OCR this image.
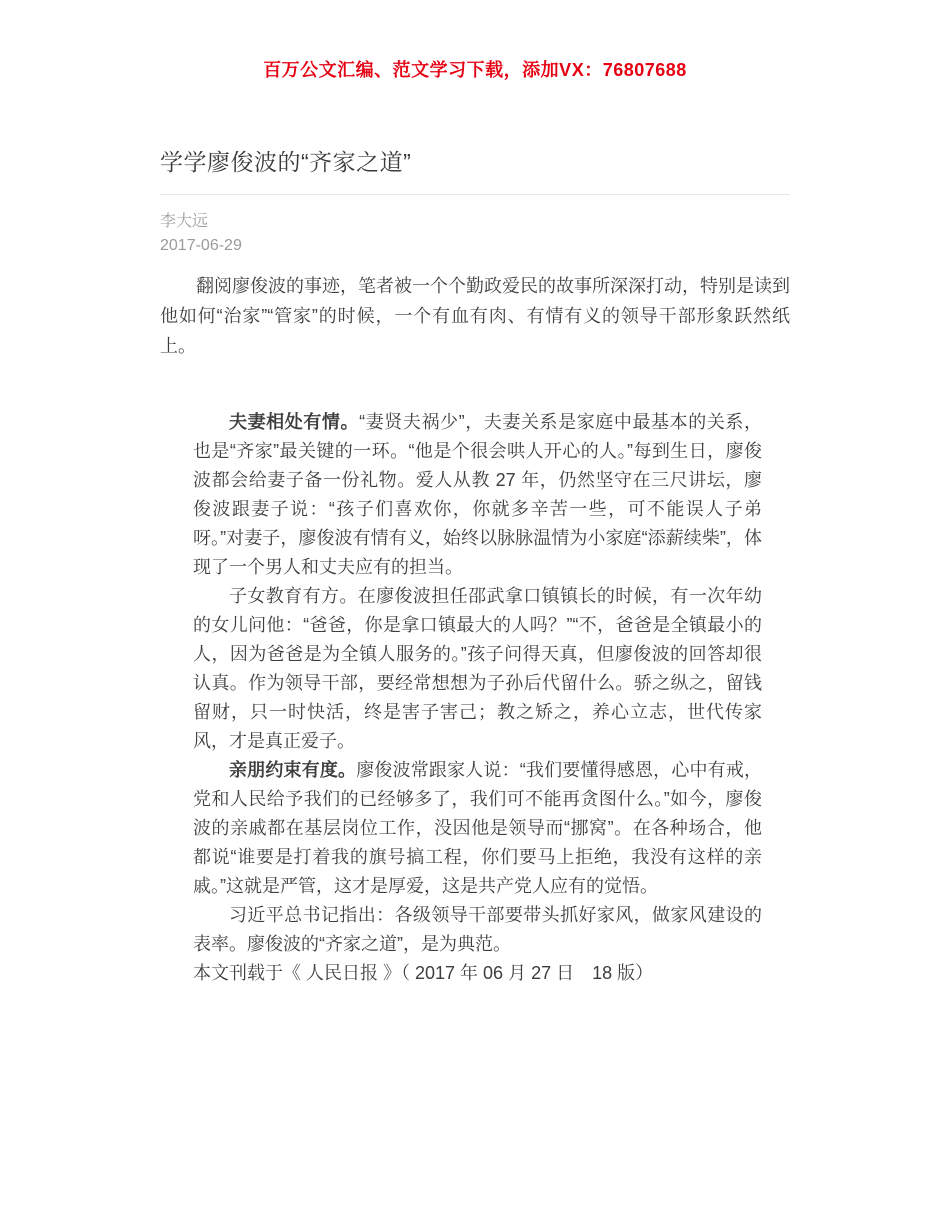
百万公文汇编、范文学习下载，添加VX：76807688
学学廖俊波的“齐家之道”
李大远
2017-06-29

翻阅廖俊波的事迹，笔者被一个个勤政爱民的故事所深深打动，特别是读到他如何“治家”“管家”的时候，一个有血有肉、有情有义的领导干部形象跃然纸上。

夫妻相处有情。“妻贤夫祸少”，夫妻关系是家庭中最基本的关系，也是“齐家”最关键的一环。“他是个很会哄人开心的人。”每到生日，廖俊波都会给妻子备一份礼物。爱人从教 27 年，仍然坚守在三尺讲坛，廖俊波跟妻子说：“孩子们喜欢你，你就多辛苦一些，可不能误人子弟呀。”对妻子，廖俊波有情有义，始终以脉脉温情为小家庭“添薪续柴”，体现了一个男人和丈夫应有的担当。

子女教育有方。在廖俊波担任邵武拿口镇镇长的时候，有一次年幼的女儿问他：“爸爸，你是拿口镇最大的人吗？”“不，爸爸是全镇最小的人，因为爸爸是为全镇人服务的。”孩子问得天真，但廖俊波的回答却很认真。作为领导干部，要经常想想为子孙后代留什么。骄之纵之，留钱留财，只一时快活，终是害子害己；教之矫之，养心立志，世代传家风，才是真正爱子。

亲朋约束有度。廖俊波常跟家人说：“我们要懂得感恩，心中有戒，党和人民给予我们的已经够多了，我们可不能再贪图什么。”如今，廖俊波的亲戚都在基层岗位工作，没因他是领导而“挪窝”。在各种场合，他都说“谁要是打着我的旗号搞工程，你们要马上拒绝，我没有这样的亲戚。”这就是严管，这才是厚爱，这是共产党人应有的觉悟。

习近平总书记指出：各级领导干部要带头抓好家风，做家风建设的表率。廖俊波的“齐家之道”，是为典范。

本文刊载于《 人民日报 》（ 2017 年 06 月 27 日　18 版）
